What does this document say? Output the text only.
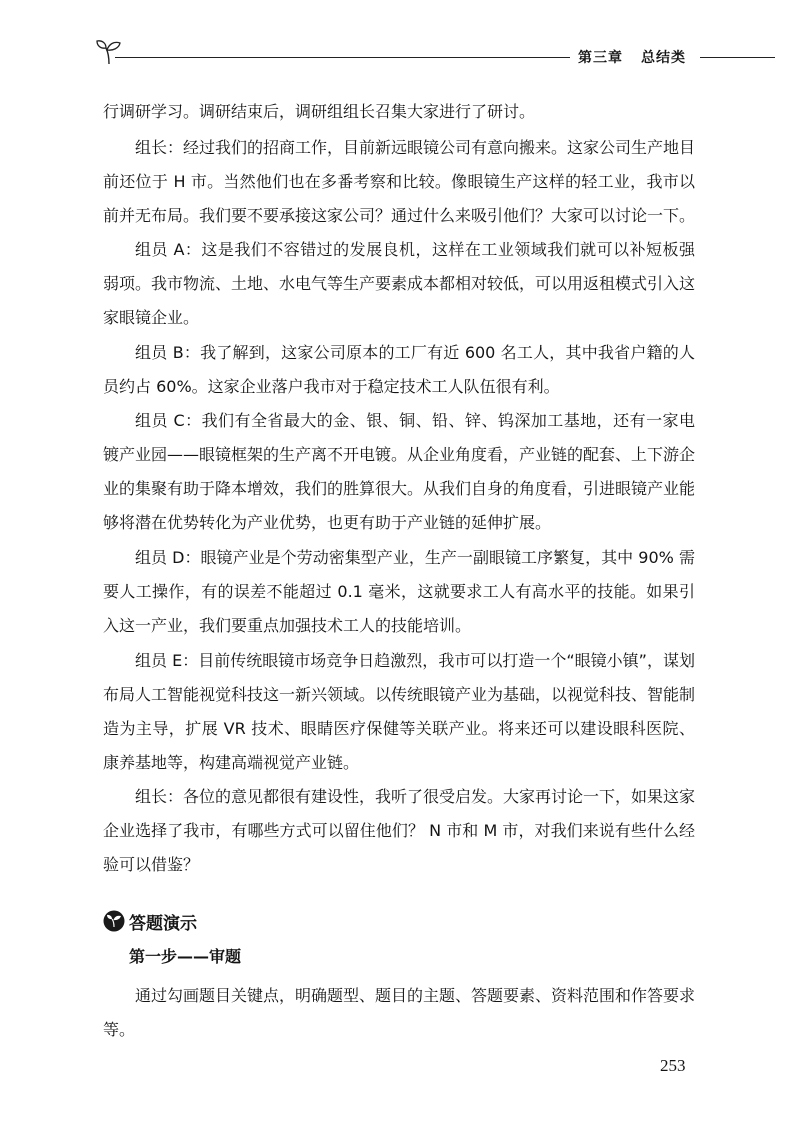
第三章 总结类

行调研学习。调研结束后，调研组组长召集大家进行了研讨。

组长：经过我们的招商工作，目前新远眼镜公司有意向搬来。这家公司生产地目前还位于 H 市。当然他们也在多番考察和比较。像眼镜生产这样的轻工业，我市以前并无布局。我们要不要承接这家公司？通过什么来吸引他们？大家可以讨论一下。

组员 A：这是我们不容错过的发展良机，这样在工业领域我们就可以补短板强弱项。我市物流、土地、水电气等生产要素成本都相对较低，可以用返租模式引入这家眼镜企业。

组员 B：我了解到，这家公司原本的工厂有近 600 名工人，其中我省户籍的人员约占 60%。这家企业落户我市对于稳定技术工人队伍很有利。

组员 C：我们有全省最大的金、银、铜、铅、锌、钨深加工基地，还有一家电镀产业园——眼镜框架的生产离不开电镀。从企业角度看，产业链的配套、上下游企业的集聚有助于降本增效，我们的胜算很大。从我们自身的角度看，引进眼镜产业能够将潜在优势转化为产业优势，也更有助于产业链的延伸扩展。

组员 D：眼镜产业是个劳动密集型产业，生产一副眼镜工序繁复，其中 90% 需要人工操作，有的误差不能超过 0.1 毫米，这就要求工人有高水平的技能。如果引入这一产业，我们要重点加强技术工人的技能培训。

组员 E：目前传统眼镜市场竞争日趋激烈，我市可以打造一个“眼镜小镇”，谋划布局人工智能视觉科技这一新兴领域。以传统眼镜产业为基础，以视觉科技、智能制造为主导，扩展 VR 技术、眼睛医疗保健等关联产业。将来还可以建设眼科医院、康养基地等，构建高端视觉产业链。

组长：各位的意见都很有建设性，我听了很受启发。大家再讨论一下，如果这家企业选择了我市，有哪些方式可以留住他们？ N 市和 M 市，对我们来说有些什么经验可以借鉴？

答题演示
第一步——审题

通过勾画题目关键点，明确题型、题目的主题、答题要素、资料范围和作答要求等。

253
